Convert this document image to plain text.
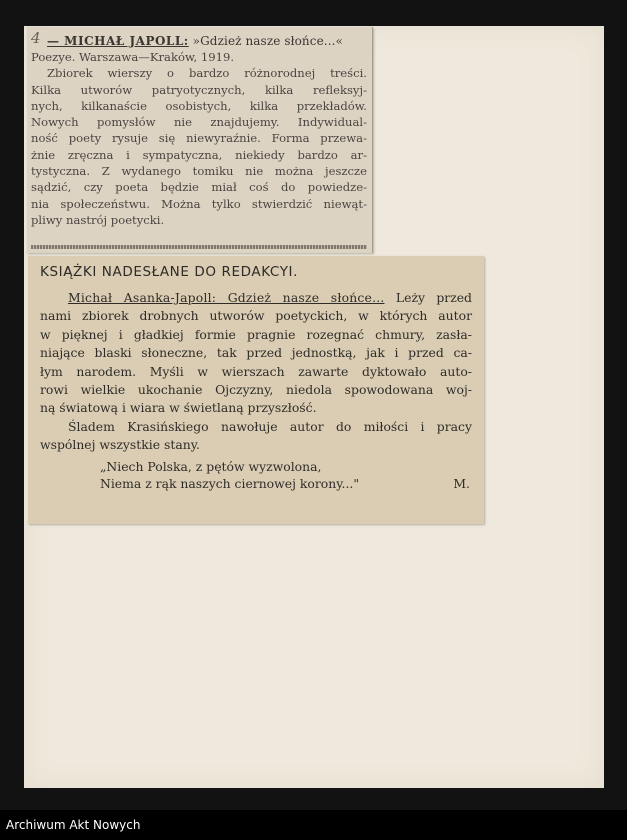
4 — MICHAŁ JAPOLL: »Gdzież nasze słońce...«
Poezye. Warszawa—Kraków, 1919.
Zbiorek wierszy o bardzo różnorodnej treści.
Kilka utworów patryotycznych, kilka refleksyj-
nych, kilkanaście osobistych, kilka przekładów.
Nowych pomysłów nie znajdujemy. Indywidual-
ność poety rysuje się niewyraźnie. Forma przewa-
żnie zręczna i sympatyczna, niekiedy bardzo ar-
tystyczna. Z wydanego tomiku nie można jeszcze
sądzić, czy poeta będzie miał coś do powiedze-
nia społeczeństwu. Można tylko stwierdzić niewąt-
pliwy nastrój poetycki.
KSIĄŻKI NADESŁANE DO REDAKCYI.
Michał Asanka-Japoll: Gdzież nasze słońce... Leży przed
nami zbiorek drobnych utworów poetyckich, w których autor
w pięknej i gładkiej formie pragnie rozegnać chmury, zasła-
niające blaski słoneczne, tak przed jednostką, jak i przed ca-
łym narodem. Myśli w wierszach zawarte dyktowało auto-
rowi wielkie ukochanie Ojczyzny, niedola spowodowana woj-
ną światową i wiara w świetlaną przyszłość.
Śladem Krasińskiego nawołuje autor do miłości i pracy
wspólnej wszystkie stany.
„Niech Polska, z pętów wyzwolona,
Niema z rąk naszych ciernowej korony..."	M.
Archiwum Akt Nowych
